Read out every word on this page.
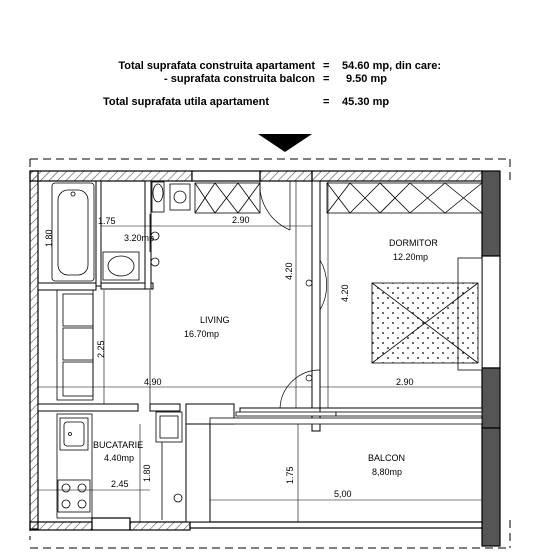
Total suprafata construita apartament = 54.60 mp, din care:
- suprafata construita balcon = 9.50 mp
Total suprafata utila apartament	= 45.30 mp
LIVING
16.70mp
DORMITOR
12.20mp
BUCATARIE
4.40mp	BALCON
8,80mp
3.20mp
1.75
1.80
2.90
4.20
4.20
2.25
4.90	2.90
1.80	1.75
2.45
5,00
